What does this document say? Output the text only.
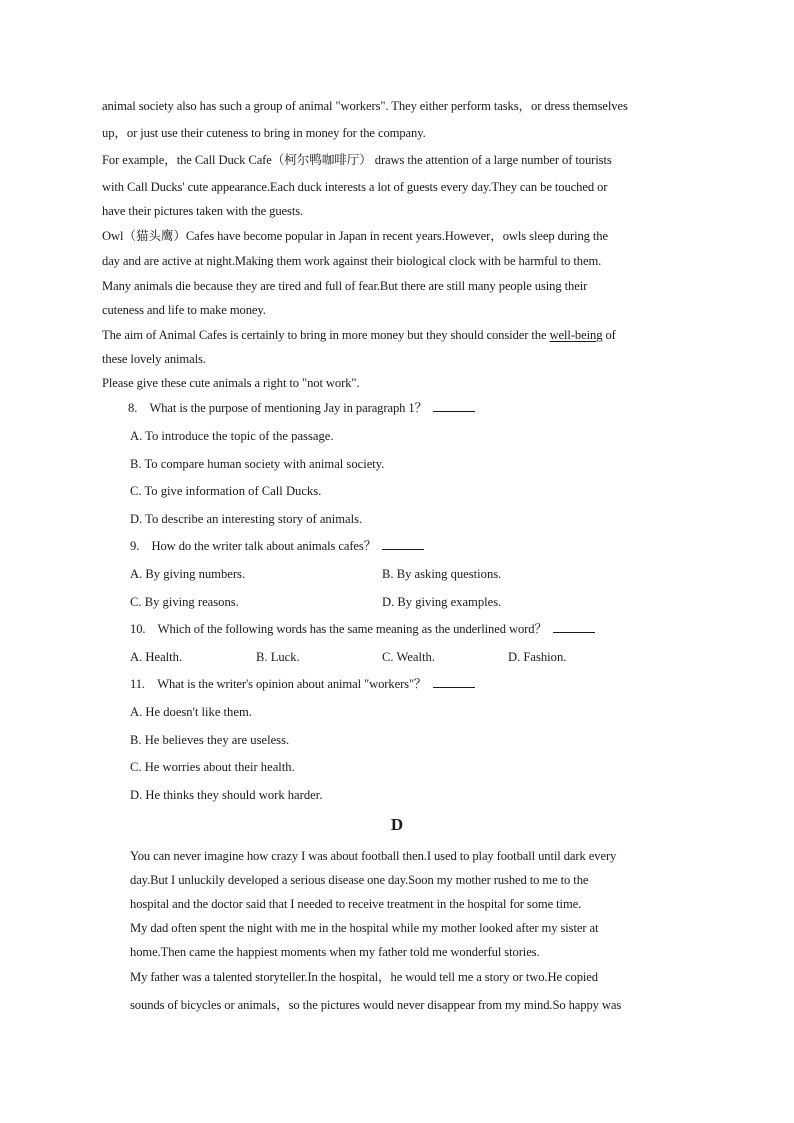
animal society also has such a group of animal "workers". They either perform tasks，or dress themselves
up，or just use their cuteness to bring in money for the company.
For example，the Call Duck Cafe（柯尔鸭咖啡厅） draws the attention of a large number of tourists
with Call Ducks' cute appearance.Each duck interests a lot of guests every day.They can be touched or
have their pictures taken with the guests.
Owl（猫头鹰）Cafes have become popular in Japan in recent years.However，owls sleep during the
day and are active at night.Making them work against their biological clock with be harmful to them.
Many animals die because they are tired and full of fear.But there are still many people using their
cuteness and life to make money.
The aim of Animal Cafes is certainly to bring in more money but they should consider the well-being of
these lovely animals.
Please give these cute animals a right to "not work".
8. What is the purpose of mentioning Jay in paragraph 1？
A. To introduce the topic of the passage.
B. To compare human society with animal society.
C. To give information of Call Ducks.
D. To describe an interesting story of animals.
9. How do the writer talk about animals cafes？
A. By giving numbers.	B. By asking questions.
C. By giving reasons.	D. By giving examples.
10. Which of the following words has the same meaning as the underlined word？
A. Health.	B. Luck.	C. Wealth.	D. Fashion.
11. What is the writer's opinion about animal "workers"？
A. He doesn't like them.
B. He believes they are useless.
C. He worries about their health.
D. He thinks they should work harder.
D
You can never imagine how crazy I was about football then.I used to play football until dark every
day.But I unluckily developed a serious disease one day.Soon my mother rushed to me to the
hospital and the doctor said that I needed to receive treatment in the hospital for some time.
My dad often spent the night with me in the hospital while my mother looked after my sister at
home.Then came the happiest moments when my father told me wonderful stories.
My father was a talented storyteller.In the hospital，he would tell me a story or two.He copied
sounds of bicycles or animals，so the pictures would never disappear from my mind.So happy was
